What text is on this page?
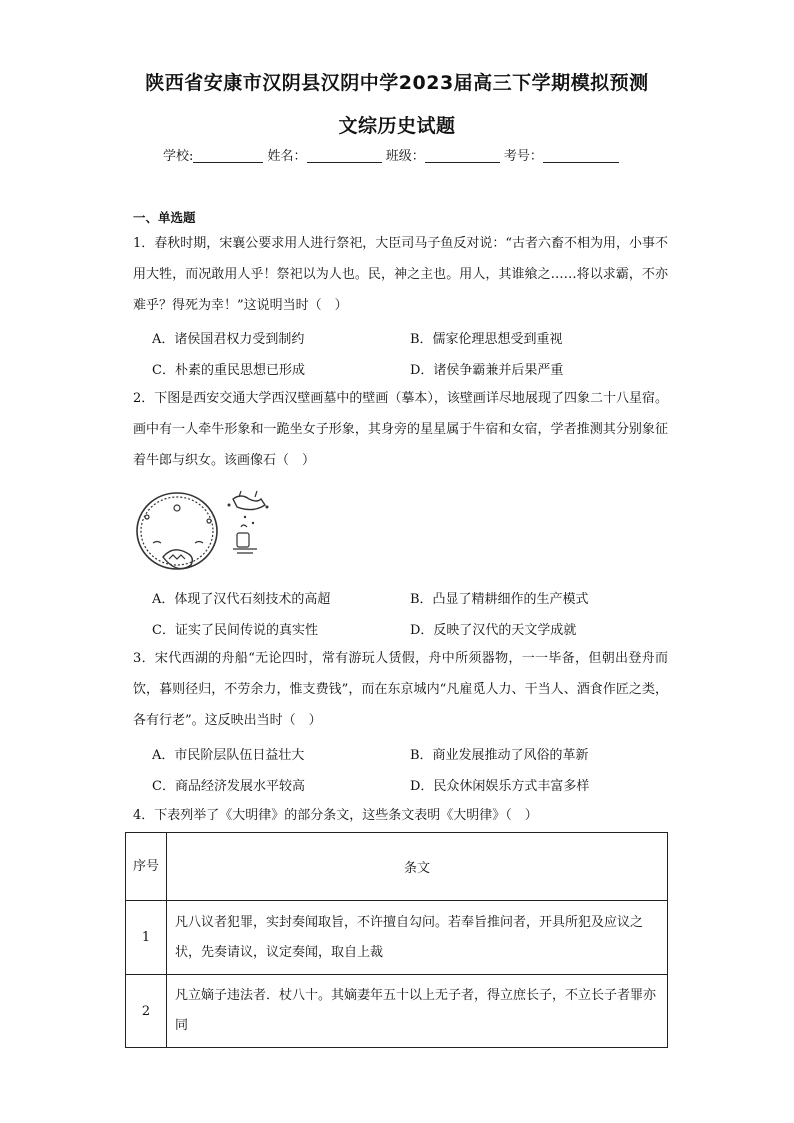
陕西省安康市汉阴县汉阴中学2023届高三下学期模拟预测
文综历史试题
学校:	姓名：	班级：	考号：
一、单选题
1．春秋时期，宋襄公要求用人进行祭祀，大臣司马子鱼反对说：“古者六畜不相为用，小事不用大牲，而况敢用人乎！祭祀以为人也。民，神之主也。用人，其谁飨之……将以求霸，不亦难乎？得死为幸！”这说明当时（　）
A．诸侯国君权力受到制约	B．儒家伦理思想受到重视
C．朴素的重民思想已形成	D．诸侯争霸兼并后果严重
2．下图是西安交通大学西汉壁画墓中的壁画（摹本），该壁画详尽地展现了四象二十八星宿。画中有一人牵牛形象和一跪坐女子形象，其身旁的星星属于牛宿和女宿，学者推测其分别象征着牛郎与织女。该画像石（　）
A．体现了汉代石刻技术的高超	B．凸显了精耕细作的生产模式
C．证实了民间传说的真实性	D．反映了汉代的天文学成就
3．宋代西湖的舟船“无论四时，常有游玩人赁假，舟中所须器物，一一毕备，但朝出登舟而饮，暮则径归，不劳余力，惟支费钱”，而在东京城内“凡雇觅人力、干当人、酒食作匠之类，各有行老”。这反映出当时（　）
A．市民阶层队伍日益壮大	B．商业发展推动了风俗的革新
C．商品经济发展水平较高	D．民众休闲娱乐方式丰富多样
4．下表列举了《大明律》的部分条文，这些条文表明《大明律》（　）
序号	条文
1	凡八议者犯罪，实封奏闻取旨，不许擅自勾问。若奉旨推问者，开具所犯及应议之状，先奏请议，议定奏闻，取自上裁
2	凡立嫡子违法者．杖八十。其嫡妻年五十以上无子者，得立庶长子，不立长子者罪亦同
